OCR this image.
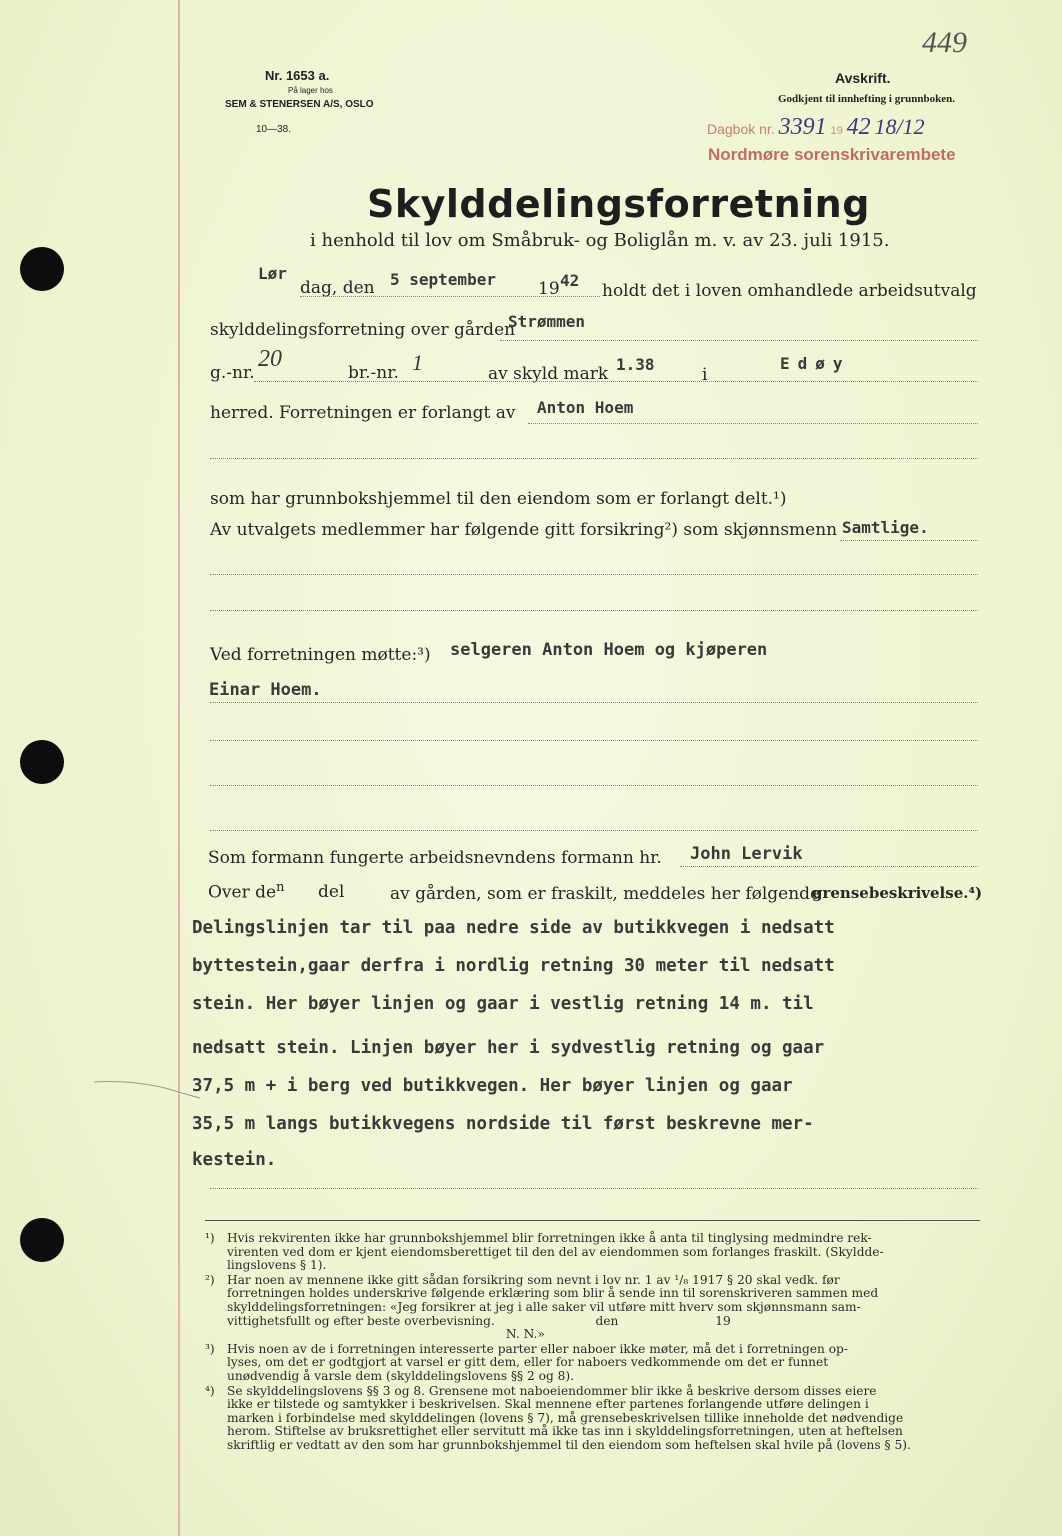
Nr. 1653 a.
På lager hos
SEM & STENERSEN A/S, OSLO
10—38.
449
Avskrift.
Godkjent til innhefting i grunnboken.
Dagbok nr. 3391 19 42 18/12
Nordmøre sorenskrivarembete
Skylddelingsforretning
i henhold til lov om Småbruk- og Boliglån m. v. av 23. juli 1915.
Lør
dag, den 5 september 19 42
holdt det i loven omhandlede arbeidsutvalg
skylddelingsforretning over gården
Strømmen
g.-nr.
20
br.-nr. 1	av skyld mark 1.38
i
Edøy
herred. Forretningen er forlangt av Anton Hoem
som har grunnbokshjemmel til den eiendom som er forlangt delt.¹)
Av utvalgets medlemmer har følgende gitt forsikring²) som skjønnsmenn Samtlige.
Ved forretningen møtte:³) selgeren Anton Hoem og kjøperen
Einar Hoem.
Som formann fungerte arbeidsnevndens formann hr. John Lervik
Over $de^n$ del	av gården, som er fraskilt, meddeles her følgende
grensebeskrivelse.⁴)
Delingslinjen tar til paa nedre side av butikkvegen i nedsatt
byttestein,gaar derfra i nordlig retning 30 meter til nedsatt
stein. Her bøyer linjen og gaar i vestlig retning 14 m. til
nedsatt stein. Linjen bøyer her i sydvestlig retning og gaar
37,5 m + i berg ved butikkvegen. Her bøyer linjen og gaar
35,5 m langs butikkvegens nordside til først beskrevne mer-
kestein.
¹) Hvis rekvirenten ikke har grunnbokshjemmel blir forretningen ikke å anta til tinglysing medmindre rek-

virenten ved dom er kjent eiendomsberettiget til den del av eiendommen som forlanges fraskilt. (Skyldde-

lingslovens § 1).

²) Har noen av mennene ikke gitt sådan forsikring som nevnt i lov nr. 1 av ¹/₈ 1917 § 20 skal vedk. før

forretningen holdes underskrive følgende erklæring som blir å sende inn til sorenskriveren sammen med

skylddelingsforretningen: «Jeg forsikrer at jeg i alle saker vil utføre mitt hverv som skjønnsmann sam-

vittighetsfullt og efter beste overbevisning.                          den                         19

N. N.»

³) Hvis noen av de i forretningen interesserte parter eller naboer ikke møter, må det i forretningen op-

lyses, om det er godtgjort at varsel er gitt dem, eller for naboers vedkommende om det er funnet

unødvendig å varsle dem (skylddelingslovens §§ 2 og 8).

⁴) Se skylddelingslovens §§ 3 og 8. Grensene mot naboeiendommer blir ikke å beskrive dersom disses eiere

ikke er tilstede og samtykker i beskrivelsen. Skal mennene efter partenes forlangende utføre delingen i

marken i forbindelse med skylddelingen (lovens § 7), må grensebeskrivelsen tillike inneholde det nødvendige

herom. Stiftelse av bruksrettighet eller servitutt må ikke tas inn i skylddelingsforretningen, uten at heftelsen

skriftlig er vedtatt av den som har grunnbokshjemmel til den eiendom som heftelsen skal hvile på (lovens § 5).
